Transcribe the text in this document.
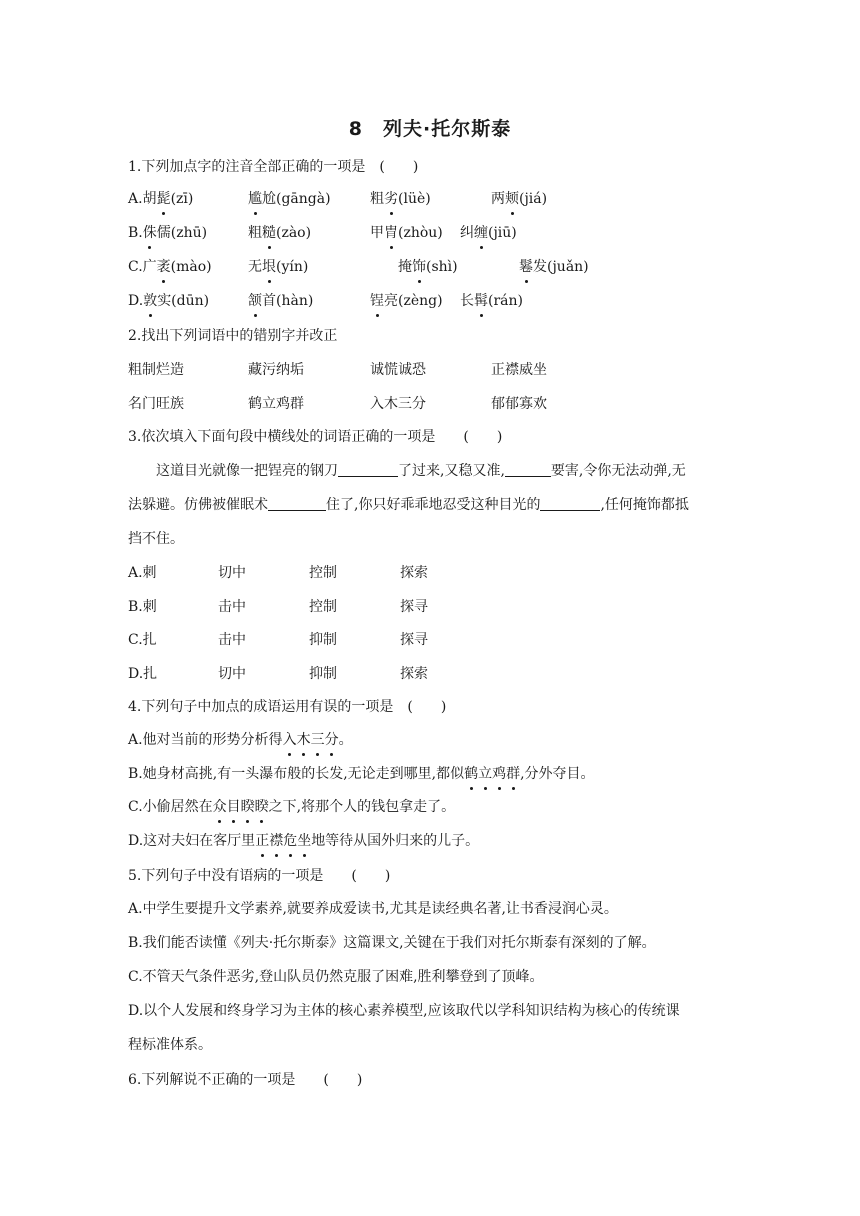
8 列夫·托尔斯泰
1.下列加点字的注音全部正确的一项是　(　　)
A.胡髭(zī)	尴尬(gāngà)	粗劣(lüè)	两颊(jiá)
B.侏儒(zhū)	粗糙(zào)	甲胄(zhòu) 纠缠(jiū)
C.广袤(mào)	无垠(yín)	掩饰(shì)	鬈发(juǎn)
D.敦实(dūn)	颔首(hàn)	锃亮(zèng) 长髯(rán)
2.找出下列词语中的错别字并改正
粗制烂造	藏污纳垢	诚慌诚恐	正襟威坐
名门旺族	鹤立鸡群	入木三分	郁郁寡欢
3.依次填入下面句段中横线处的词语正确的一项是　　(　　)
这道目光就像一把锃亮的钢刀	了过来,又稳又准,	要害,令你无法动弹,无
法躲避。仿佛被催眠术	住了,你只好乖乖地忍受这种目光的	,任何掩饰都抵
挡不住。
A.刺	切中	控制	探索
B.刺	击中	控制	探寻
C.扎	击中	抑制	探寻
D.扎	切中	抑制	探索
4.下列句子中加点的成语运用有误的一项是　(　　)
A.他对当前的形势分析得入木三分。
B.她身材高挑,有一头瀑布般的长发,无论走到哪里,都似鹤立鸡群,分外夺目。
C.小偷居然在众目睽睽之下,将那个人的钱包拿走了。
D.这对夫妇在客厅里正襟危坐地等待从国外归来的儿子。
5.下列句子中没有语病的一项是　　(　　)
A.中学生要提升文学素养,就要养成爱读书,尤其是读经典名著,让书香浸润心灵。
B.我们能否读懂《列夫·托尔斯泰》这篇课文,关键在于我们对托尔斯泰有深刻的了解。
C.不管天气条件恶劣,登山队员仍然克服了困难,胜利攀登到了顶峰。
D.以个人发展和终身学习为主体的核心素养模型,应该取代以学科知识结构为核心的传统课
程标准体系。
6.下列解说不正确的一项是　　(　　)
